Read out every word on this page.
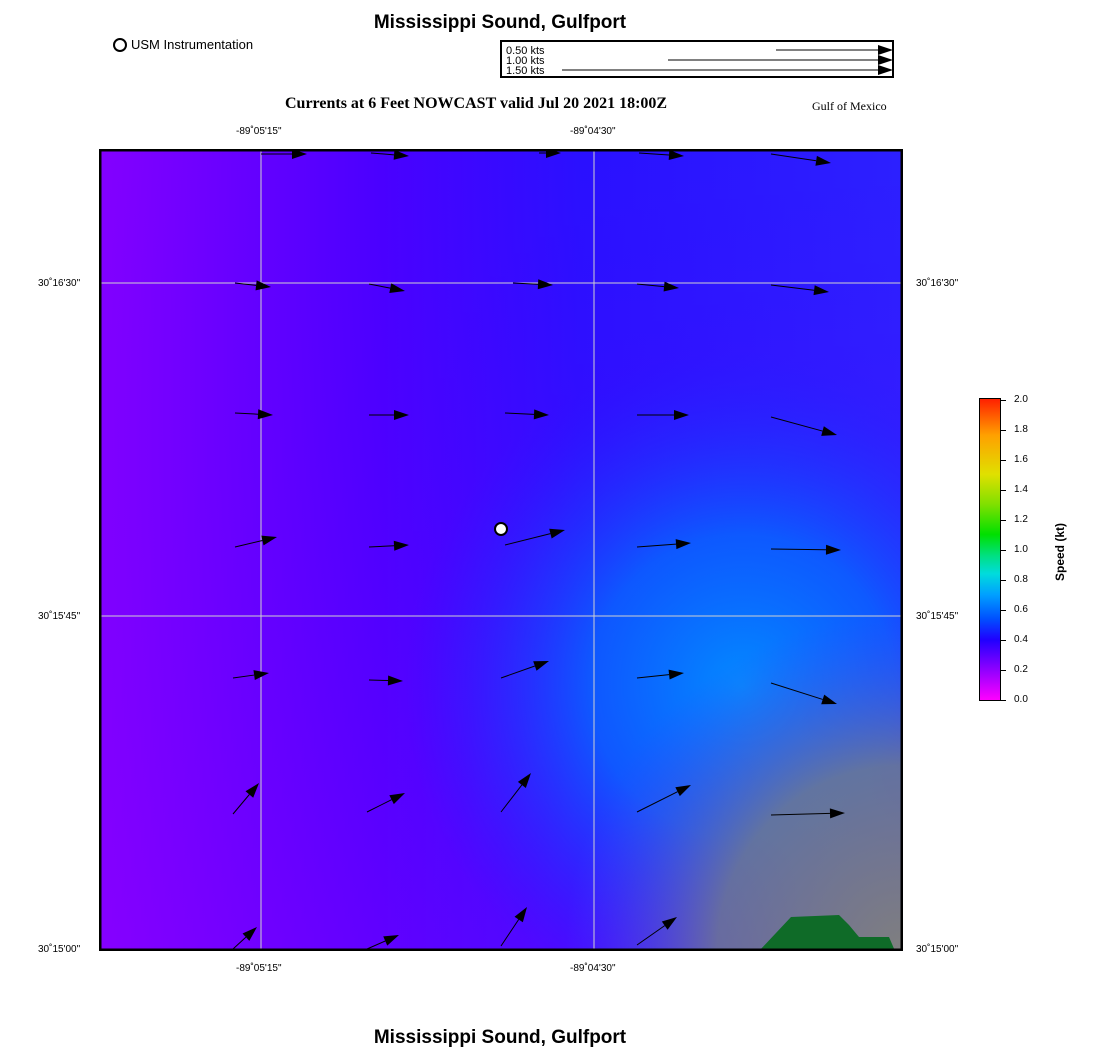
Mississippi Sound, Gulfport
USM Instrumentation	0.50 kts
1.00 kts
1.50 kts
Currents at 6 Feet NOWCAST valid Jul 20 2021 18:00Z	Gulf of Mexico
-89˚05'15"	-89˚04'30"
-89˚05'15"	-89˚04'30"
30˚16'30"
30˚15'45"
30˚15'00"
30˚16'30"
30˚15'45"
30˚15'00"
2.0
1.8
1.6
1.4
1.2
1.0
0.8
0.6
0.4
0.2
0.0
Speed (kt)
Mississippi Sound, Gulfport
